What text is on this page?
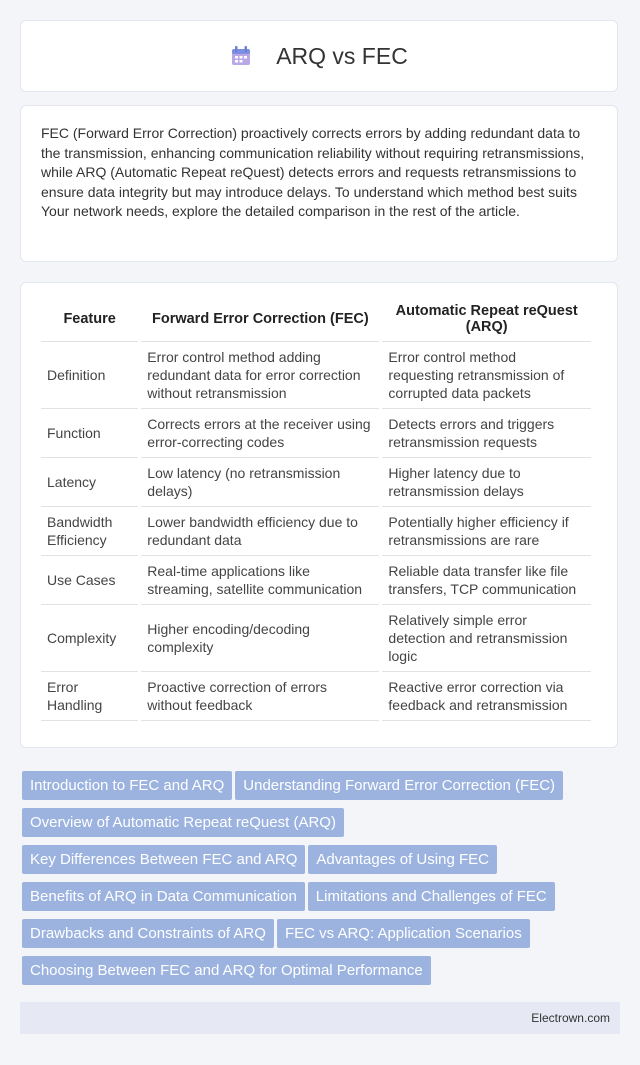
ARQ vs FEC

FEC (Forward Error Correction) proactively corrects errors by adding redundant data to the transmission, enhancing communication reliability without requiring retransmissions, while ARQ (Automatic Repeat reQuest) detects errors and requests retransmissions to ensure data integrity but may introduce delays. To understand which method best suits Your network needs, explore the detailed comparison in the rest of the article.

Feature	Forward Error Correction (FEC)	Automatic Repeat reQuest (ARQ)
Definition	Error control method adding redundant data for error correction without retransmission	Error control method requesting retransmission of corrupted data packets
Function	Corrects errors at the receiver using error-correcting codes	Detects errors and triggers retransmission requests
Latency	Low latency (no retransmission delays)	Higher latency due to retransmission delays
Bandwidth Efficiency	Lower bandwidth efficiency due to redundant data	Potentially higher efficiency if retransmissions are rare
Use Cases	Real-time applications like streaming, satellite communication	Reliable data transfer like file transfers, TCP communication
Complexity	Higher encoding/decoding complexity	Relatively simple error detection and retransmission logic
Error Handling	Proactive correction of errors without feedback	Reactive error correction via feedback and retransmission
Introduction to FEC and ARQ Understanding Forward Error Correction (FEC) Overview of Automatic Repeat reQuest (ARQ) Key Differences Between FEC and ARQ Advantages of Using FEC Benefits of ARQ in Data Communication Limitations and Challenges of FEC Drawbacks and Constraints of ARQ FEC vs ARQ: Application Scenarios Choosing Between FEC and ARQ for Optimal Performance
Electrown.com
